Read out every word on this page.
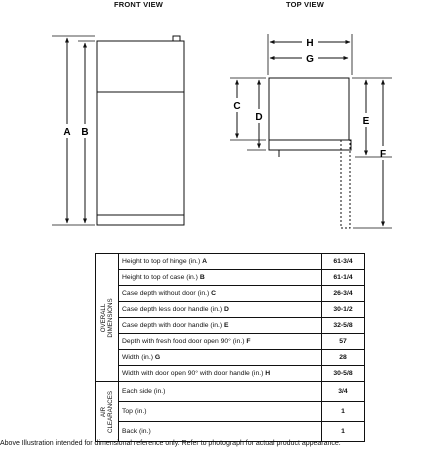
FRONT VIEW	TOP VIEW
A B
H
G
C
D	E
F
OVERALL
DIMENSIONS	Height to top of hinge (in.) A	61-3/4
	Height to top of case (in.) B	61-1/4
	Case depth without door (in.) C	26-3/4
	Case depth less door handle (in.) D	30-1/2
	Case depth with door handle (in.) E	32-5/8
	Depth with fresh food door open 90° (in.) F	57
	Width (in.) G	28
	Width with door open 90° with door handle (in.) H	30-5/8

AIR
CLEARANCES	Each side (in.)	3/4
	Top (in.)	1
	Back (in.)	1
Above Illustration intended for dimensional reference only. Refer to photograph for actual product appearance.
